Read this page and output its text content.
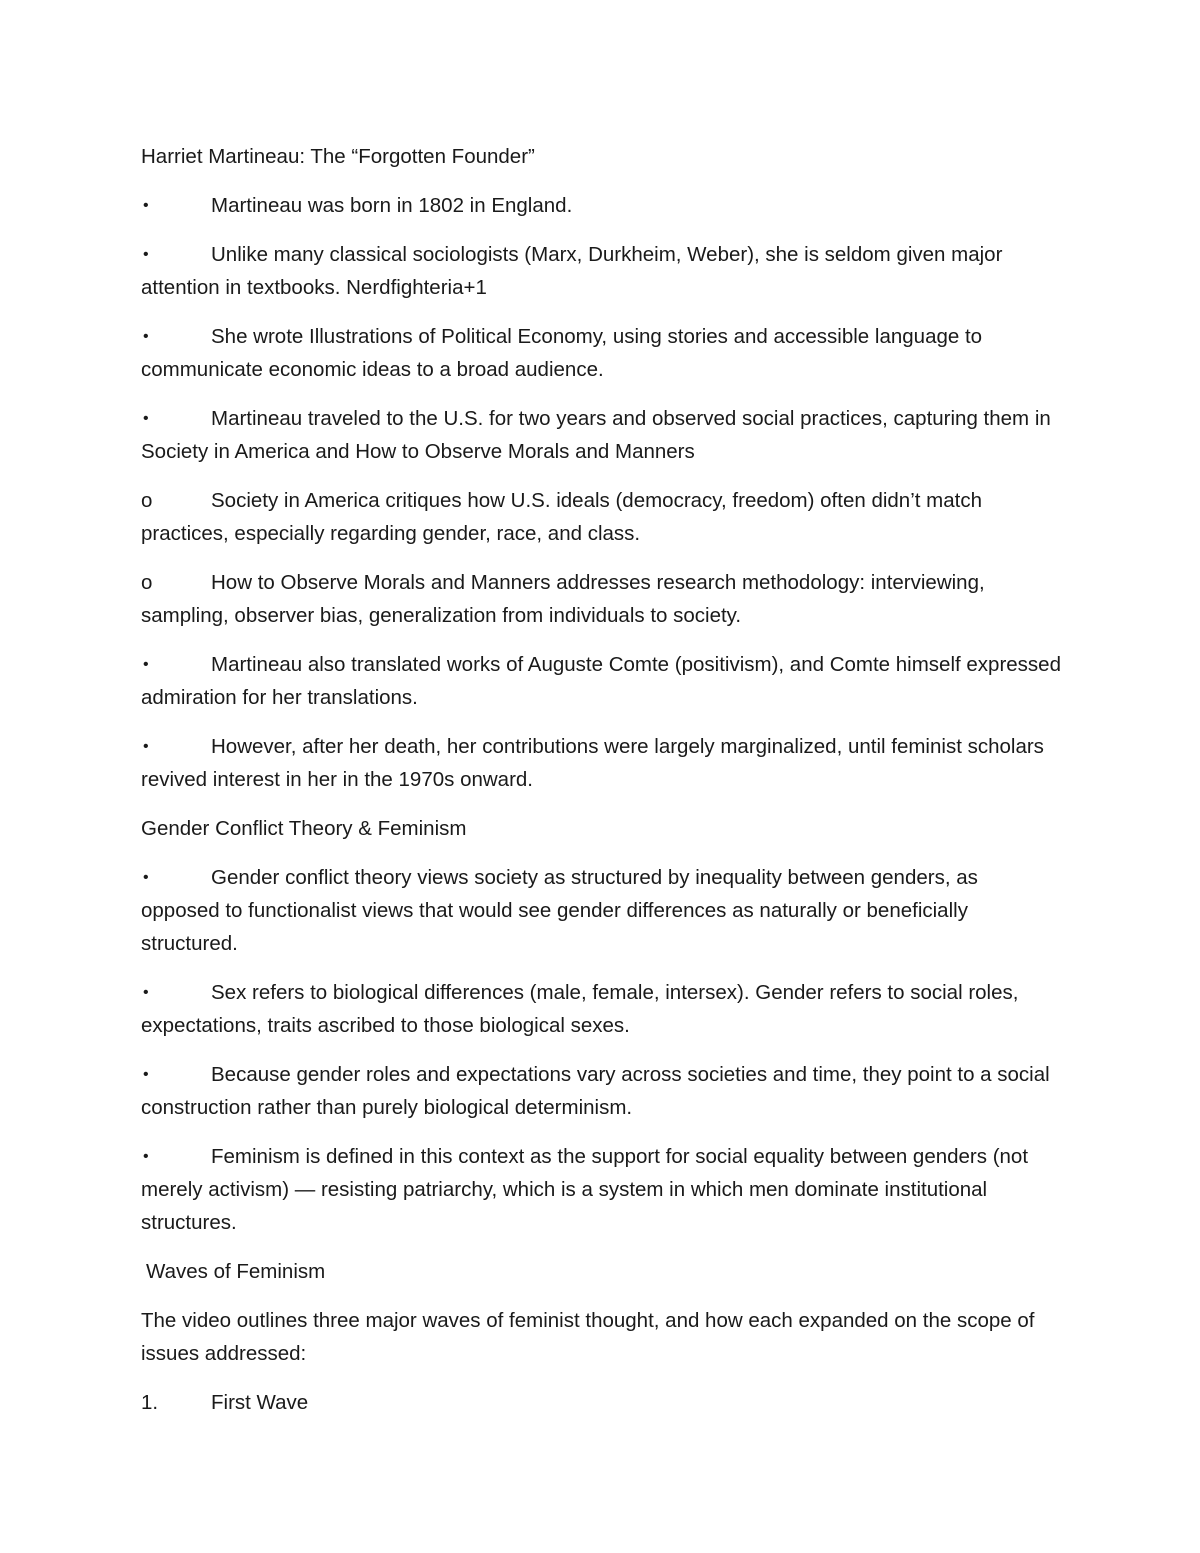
Harriet Martineau: The “Forgotten Founder”

•	Martineau was born in 1802 in England.
•	Unlike many classical sociologists (Marx, Durkheim, Weber), she is seldom given major attention in textbooks. Nerdfighteria+1
•	She wrote Illustrations of Political Economy, using stories and accessible language to communicate economic ideas to a broad audience.
•	Martineau traveled to the U.S. for two years and observed social practices, capturing them in Society in America and How to Observe Morals and Manners
o	Society in America critiques how U.S. ideals (democracy, freedom) often didn’t match practices, especially regarding gender, race, and class.
o	How to Observe Morals and Manners addresses research methodology: interviewing, sampling, observer bias, generalization from individuals to society.
•	Martineau also translated works of Auguste Comte (positivism), and Comte himself expressed admiration for her translations.
•	However, after her death, her contributions were largely marginalized, until feminist scholars revived interest in her in the 1970s onward.

Gender Conflict Theory & Feminism

•	Gender conflict theory views society as structured by inequality between genders, as opposed to functionalist views that would see gender differences as naturally or beneficially structured.
•	Sex refers to biological differences (male, female, intersex). Gender refers to social roles, expectations, traits ascribed to those biological sexes.
•	Because gender roles and expectations vary across societies and time, they point to a social construction rather than purely biological determinism.
•	Feminism is defined in this context as the support for social equality between genders (not merely activism) — resisting patriarchy, which is a system in which men dominate institutional structures.

Waves of Feminism

The video outlines three major waves of feminist thought, and how each expanded on the scope of issues addressed:

1.	First Wave
